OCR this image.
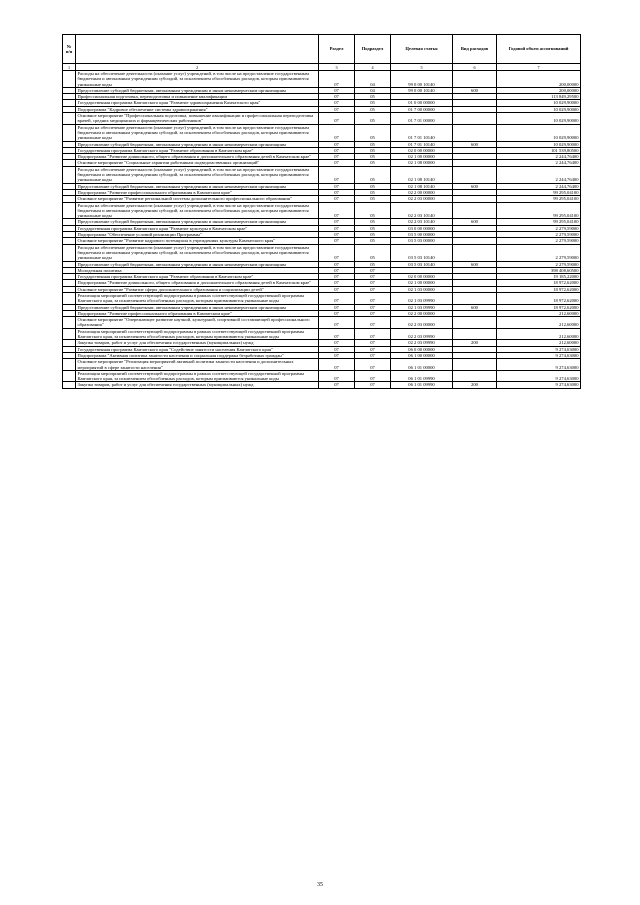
№ п/п		Раздел	Подраздел	Целевая статья	Вид расходов	Годовой объем ассигнований
1	2	3	4	5	6	7
	Расходы на обеспечение деятельности (оказание услуг) учреждений, в том числе на предоставление государственным бюджетным и автономным учреждениям субсидий, за исключением обособленных расходов, которым присваиваются уникальные коды	07	04	99 0 00 10140		200,00000
	Предоставление субсидий бюджетным, автономным учреждениям и иным некоммерческим организациям	07	04	99 0 00 10140	600	200,00000
	Профессиональная подготовка, переподготовка и повышение квалификации	07	05			113 849,29500
	Государственная программа Камчатского края "Развитие здравоохранения Камчатского края"	07	05	01 0 00 00000		10 029,90000
	Подпрограмма "Кадровое обеспечение системы здравоохранения"	07	05	01 7 00 00000		10 029,90000
	Основное мероприятие "Профессиональная подготовка, повышение квалификации и профессиональная переподготовка врачей, средних медицинских и фармацевтических работников"	07	05	01 7 01 00000		10 029,90000
	Расходы на обеспечение деятельности (оказание услуг) учреждений, в том числе на предоставление государственным бюджетным и автономным учреждениям субсидий, за исключением обособленных расходов, которым присваиваются уникальные коды	07	05	01 7 01 10140		10 029,90000
	Предоставление субсидий бюджетным, автономным учреждениям и иным некоммерческим организациям	07	05	01 7 01 10140	600	10 029,90000
	Государственная программа Камчатского края "Развитие образования в Камчатском крае"	07	05	02 0 00 00000		101 539,80500
	Подпрограмма "Развитие дошкольного, общего образования и дополнительного образования детей в Камчатском крае"	07	05	02 1 00 00000		2 244,76400
	Основное мероприятие "Социальные гарантии работникам подведомственных организаций"	07	05	02 1 08 00000		2 244,76400
	Расходы на обеспечение деятельности (оказание услуг) учреждений, в том числе на предоставление государственным бюджетным и автономным учреждениям субсидий, за исключением обособленных расходов, которым присваиваются уникальные коды	07	05	02 1 08 10140		2 244,76400
	Предоставление субсидий бюджетным, автономным учреждениям и иным некоммерческим организациям	07	05	02 1 08 10140	600	2 244,76400
	Подпрограмма "Развитие профессионального образования в Камчатском крае"	07	05	02 2 00 00000		99 295,04100
	Основное мероприятие "Развитие региональной системы дополнительного профессионального образования"	07	05	02 2 03 00000		99 295,04100
	Расходы на обеспечение деятельности (оказание услуг) учреждений, в том числе на предоставление государственным бюджетным и автономным учреждениям субсидий, за исключением обособленных расходов, которым присваиваются уникальные коды	07	05	02 2 03 10140		99 295,04100
	Предоставление субсидий бюджетным, автономным учреждениям и иным некоммерческим организациям	07	05	02 2 03 10140	600	99 295,04100
	Государственная программа Камчатского края "Развитие культуры в Камчатском крае"	07	05	03 0 00 00000		2 279,59000
	Подпрограмма "Обеспечение условий реализации Программы"	07	05	03 5 00 00000		2 279,59000
	Основное мероприятие "Развитие кадрового потенциала в учреждениях культуры Камчатского края"	07	05	03 5 03 00000		2 279,59000
	Расходы на обеспечение деятельности (оказание услуг) учреждений, в том числе на предоставление государственным бюджетным и автономным учреждениям субсидий, за исключением обособленных расходов, которым присваиваются уникальные коды	07	05	03 5 03 10140		2 279,59000
	Предоставление субсидий бюджетным, автономным учреждениям и иным некоммерческим организациям	07	05	03 5 03 10140	600	2 279,59000
	Молодежная политика	07	07			398 408,60500
	Государственная программа Камчатского края "Развитие образования в Камчатском крае"	07	07	02 0 00 00000		19 185,22000
	Подпрограмма "Развитие дошкольного, общего образования и дополнительного образования детей в Камчатском крае"	07	07	02 1 00 00000		18 972,62000
	Основное мероприятие "Развитие сферы дополнительного образования и социализации детей"	07	07	02 1 03 00000		18 972,62000
	Реализация мероприятий соответствующей подпрограммы в рамках соответствующей государственной программы Камчатского края, за исключением обособленных расходов, которым присваиваются уникальные коды	07	07	02 1 03 09990		18 972,62000
	Предоставление субсидий бюджетным, автономным учреждениям и иным некоммерческим организациям	07	07	02 1 03 09990	600	18 972,62000
	Подпрограмма "Развитие профессионального образования в Камчатском крае"	07	07	02 2 00 00000		212,60000
	Основное мероприятие "Опережающее развитие научной, культурной, спортивной составляющей профессионального образования"	07	07	02 2 03 00000		212,60000
	Реализация мероприятий соответствующей подпрограммы в рамках соответствующей государственной программы Камчатского края, за исключением обособленных расходов, которым присваиваются уникальные коды	07	07	02 2 03 09990		212,60000
	Закупка товаров, работ и услуг для обеспечения государственных (муниципальных) нужд	07	07	02 2 03 09990	200	212,60000
	Государственная программа Камчатского края "Содействие занятости населения Камчатского края"	07	07	06 0 00 00000		9 274,63000
	Подпрограмма "Активная политика занятости населения и социальная поддержка безработных граждан"	07	07	06 1 00 00000		9 274,63000
	Основное мероприятие "Реализация мероприятий активной политики занятости населения и дополнительных мероприятий в сфере занятости населения"	07	07	06 1 01 00000		9 274,63000
	Реализация мероприятий соответствующей подпрограммы в рамках соответствующей государственной программы Камчатского края, за исключением обособленных расходов, которым присваиваются уникальные коды	07	07	06 1 01 09990		9 274,63000
	Закупка товаров, работ и услуг для обеспечения государственных (муниципальных) нужд	07	07	06 1 01 09990	200	9 274,63000
35
